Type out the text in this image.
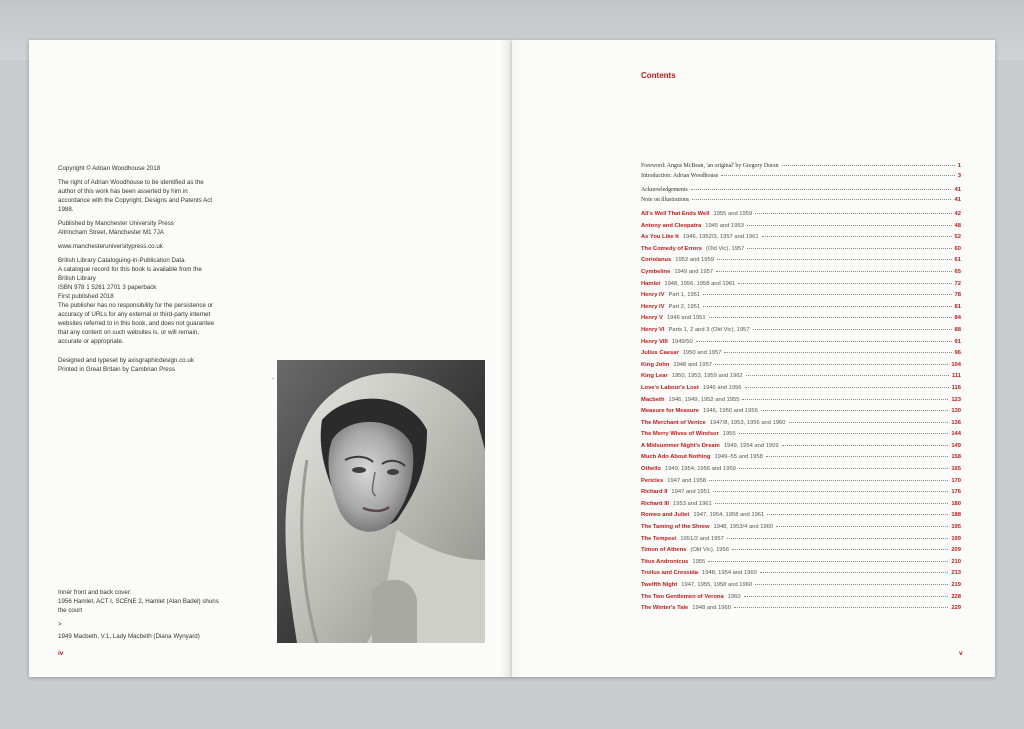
Copyright © Adrian Woodhouse 2018

The right of Adrian Woodhouse to be identified as the author of this work has been asserted by him in accordance with the Copyright, Designs and Patents Act 1988.

Published by Manchester University Press

Altrincham Street, Manchester M1 7JA

www.manchesteruniversitypress.co.uk

British Library Cataloguing-in-Publication Data

A catalogue record for this book is available from the British Library

ISBN 978 1 5261 2701 3 paperback

First published 2018

The publisher has no responsibility for the persistence or accuracy of URLs for any external or third-party internet websites referred to in this book, and does not guarantee that any content on such websites is, or will remain, accurate or appropriate.

Designed and typeset by axisgraphicdesign.co.uk

Printed in Great Britain by Cambrian Press

-

Inner front and back cover:

1956 Hamlet, ACT I, SCENE 2, Hamlet (Alan Badel) shuns the court

>

1949 Macbeth, V.1, Lady Macbeth (Diana Wynyard)

iv
Contents
Foreword: Angus McBean, 'an original' by Gregory Doran	1
Introduction: Adrian Woodhouse	3
Acknowledgements	41
Note on illustrations	41
All's Well That Ends Well 1955 and 1959	42
Antony and Cleopatra 1945 and 1953	48
As You Like It 1946, 1952/3, 1957 and 1961	52
The Comedy of Errors (Old Vic), 1957	60
Coriolanus 1952 and 1959	61
Cymbeline 1949 and 1957	65
Hamlet 1948, 1956, 1958 and 1961	72
Henry IV Part 1, 1951	78
Henry IV Part 2, 1951	81
Henry V 1946 and 1951	84
Henry VI Parts 1, 2 and 3 (Old Vic), 1957	88
Henry VIII 1949/50	91
Julius Caesar 1950 and 1957	96
King John 1948 and 1957	104
King Lear 1950, 1953, 1959 and 1962	111
Love's Labour's Lost 1946 and 1956	116
Macbeth 1946, 1949, 1952 and 1955	123
Measure for Measure 1946, 1950 and 1956	130
The Merchant of Venice 1947/8, 1953, 1956 and 1960	136
The Merry Wives of Windsor 1955	144
A Midsummer Night's Dream 1949, 1954 and 1959	149
Much Ado About Nothing 1949–55 and 1958	158
Othello 1949, 1954, 1956 and 1959	165
Pericles 1947 and 1958	170
Richard II 1947 and 1951	176
Richard III 1953 and 1961	180
Romeo and Juliet 1947, 1954, 1958 and 1961	188
The Taming of the Shrew 1948, 1953/4 and 1960	195
The Tempest 1951/2 and 1957	199
Timon of Athens (Old Vic), 1956	209
Titus Andronicus 1955	210
Troilus and Cressida 1948, 1954 and 1960	213
Twelfth Night 1947, 1955, 1958 and 1960	219
The Two Gentlemen of Verona 1960	228
The Winter's Tale 1948 and 1960	229
v
